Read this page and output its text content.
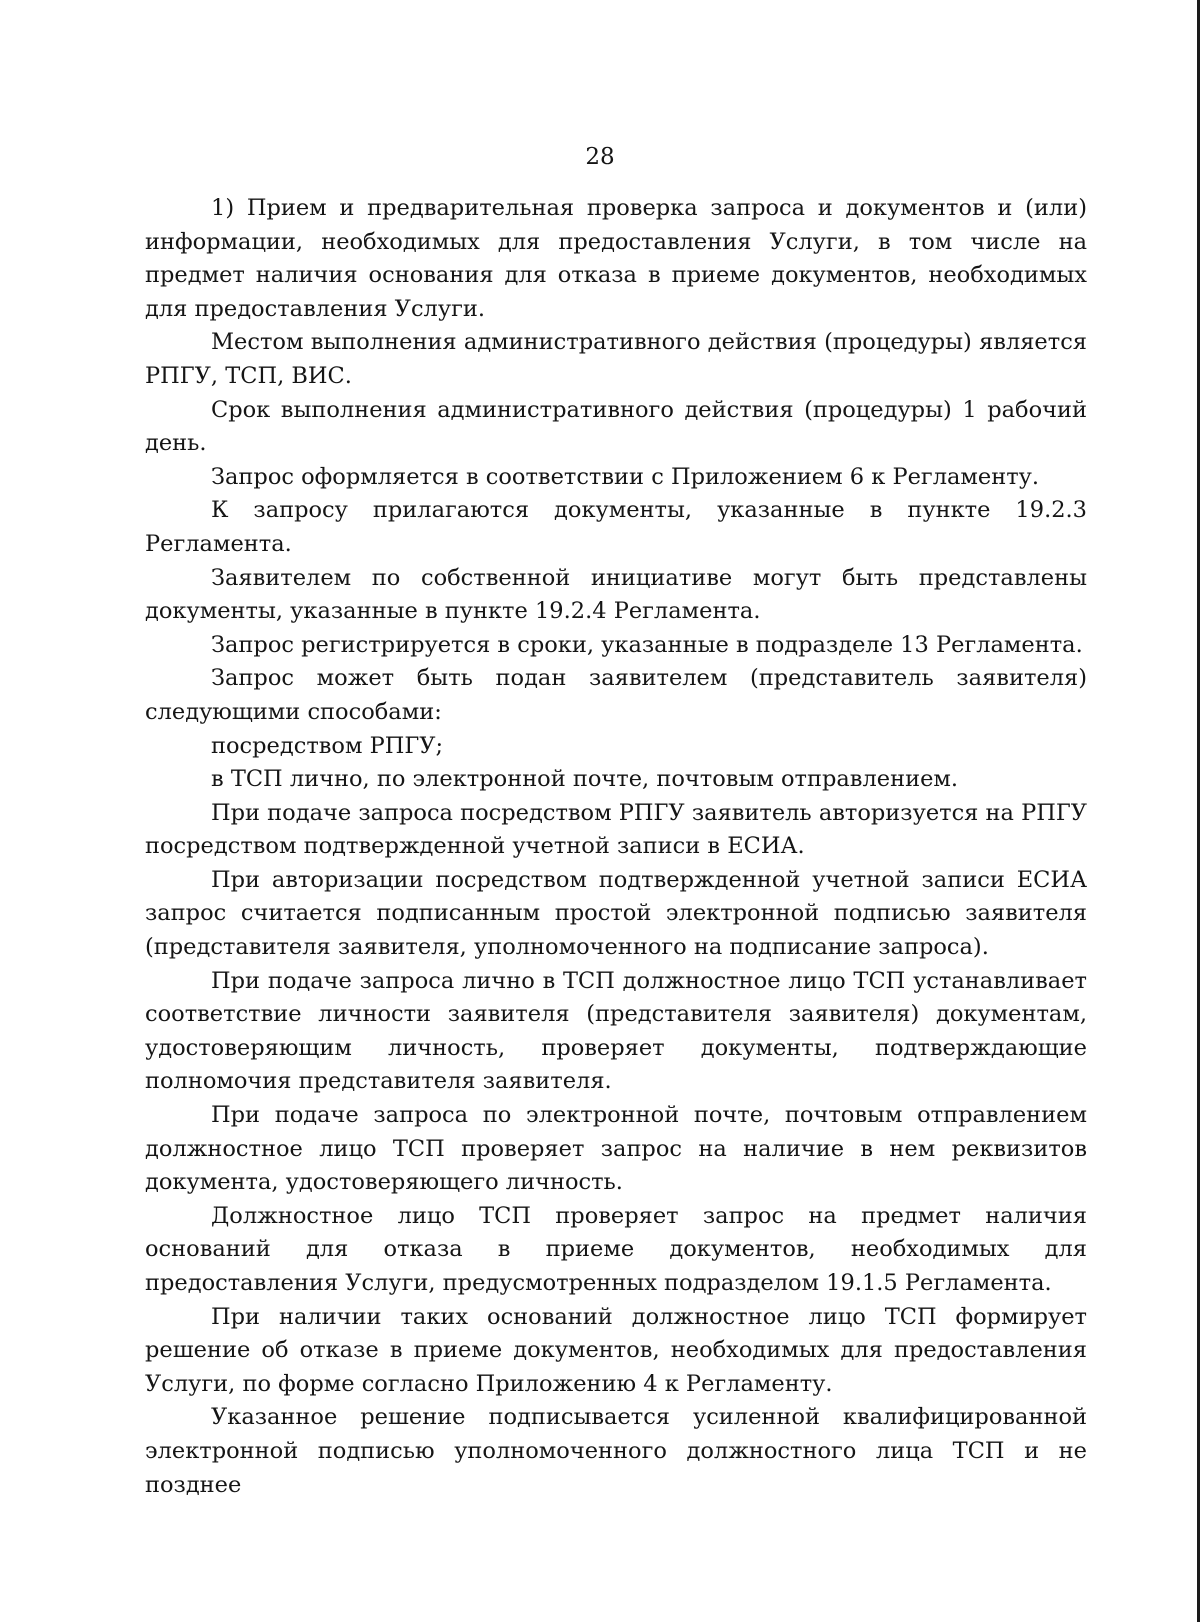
28

1) Прием и предварительная проверка запроса и документов и (или) информации, необходимых для предоставления Услуги, в том числе на предмет наличия основания для отказа в приеме документов, необходимых для предоставления Услуги.

Местом выполнения административного действия (процедуры) является РПГУ, ТСП, ВИС.

Срок выполнения административного действия (процедуры) 1 рабочий день.

Запрос оформляется в соответствии с Приложением 6 к Регламенту.

К запросу прилагаются документы, указанные в пункте 19.2.3 Регламента.

Заявителем по собственной инициативе могут быть представлены документы, указанные в пункте 19.2.4 Регламента.

Запрос регистрируется в сроки, указанные в подразделе 13 Регламента.

Запрос может быть подан заявителем (представитель заявителя) следующими способами:

посредством РПГУ;

в ТСП лично, по электронной почте, почтовым отправлением.

При подаче запроса посредством РПГУ заявитель авторизуется на РПГУ посредством подтвержденной учетной записи в ЕСИА.

При авторизации посредством подтвержденной учетной записи ЕСИА запрос считается подписанным простой электронной подписью заявителя (представителя заявителя, уполномоченного на подписание запроса).

При подаче запроса лично в ТСП должностное лицо ТСП устанавливает соответствие личности заявителя (представителя заявителя) документам, удостоверяющим личность, проверяет документы, подтверждающие полномочия представителя заявителя.

При подаче запроса по электронной почте, почтовым отправлением должностное лицо ТСП проверяет запрос на наличие в нем реквизитов документа, удостоверяющего личность.

Должностное лицо ТСП проверяет запрос на предмет наличия оснований для отказа в приеме документов, необходимых для предоставления Услуги, предусмотренных подразделом 19.1.5 Регламента.

При наличии таких оснований должностное лицо ТСП формирует решение об отказе в приеме документов, необходимых для предоставления Услуги, по форме согласно Приложению 4 к Регламенту.

Указанное решение подписывается усиленной квалифицированной электронной подписью уполномоченного должностного лица ТСП и не позднее
